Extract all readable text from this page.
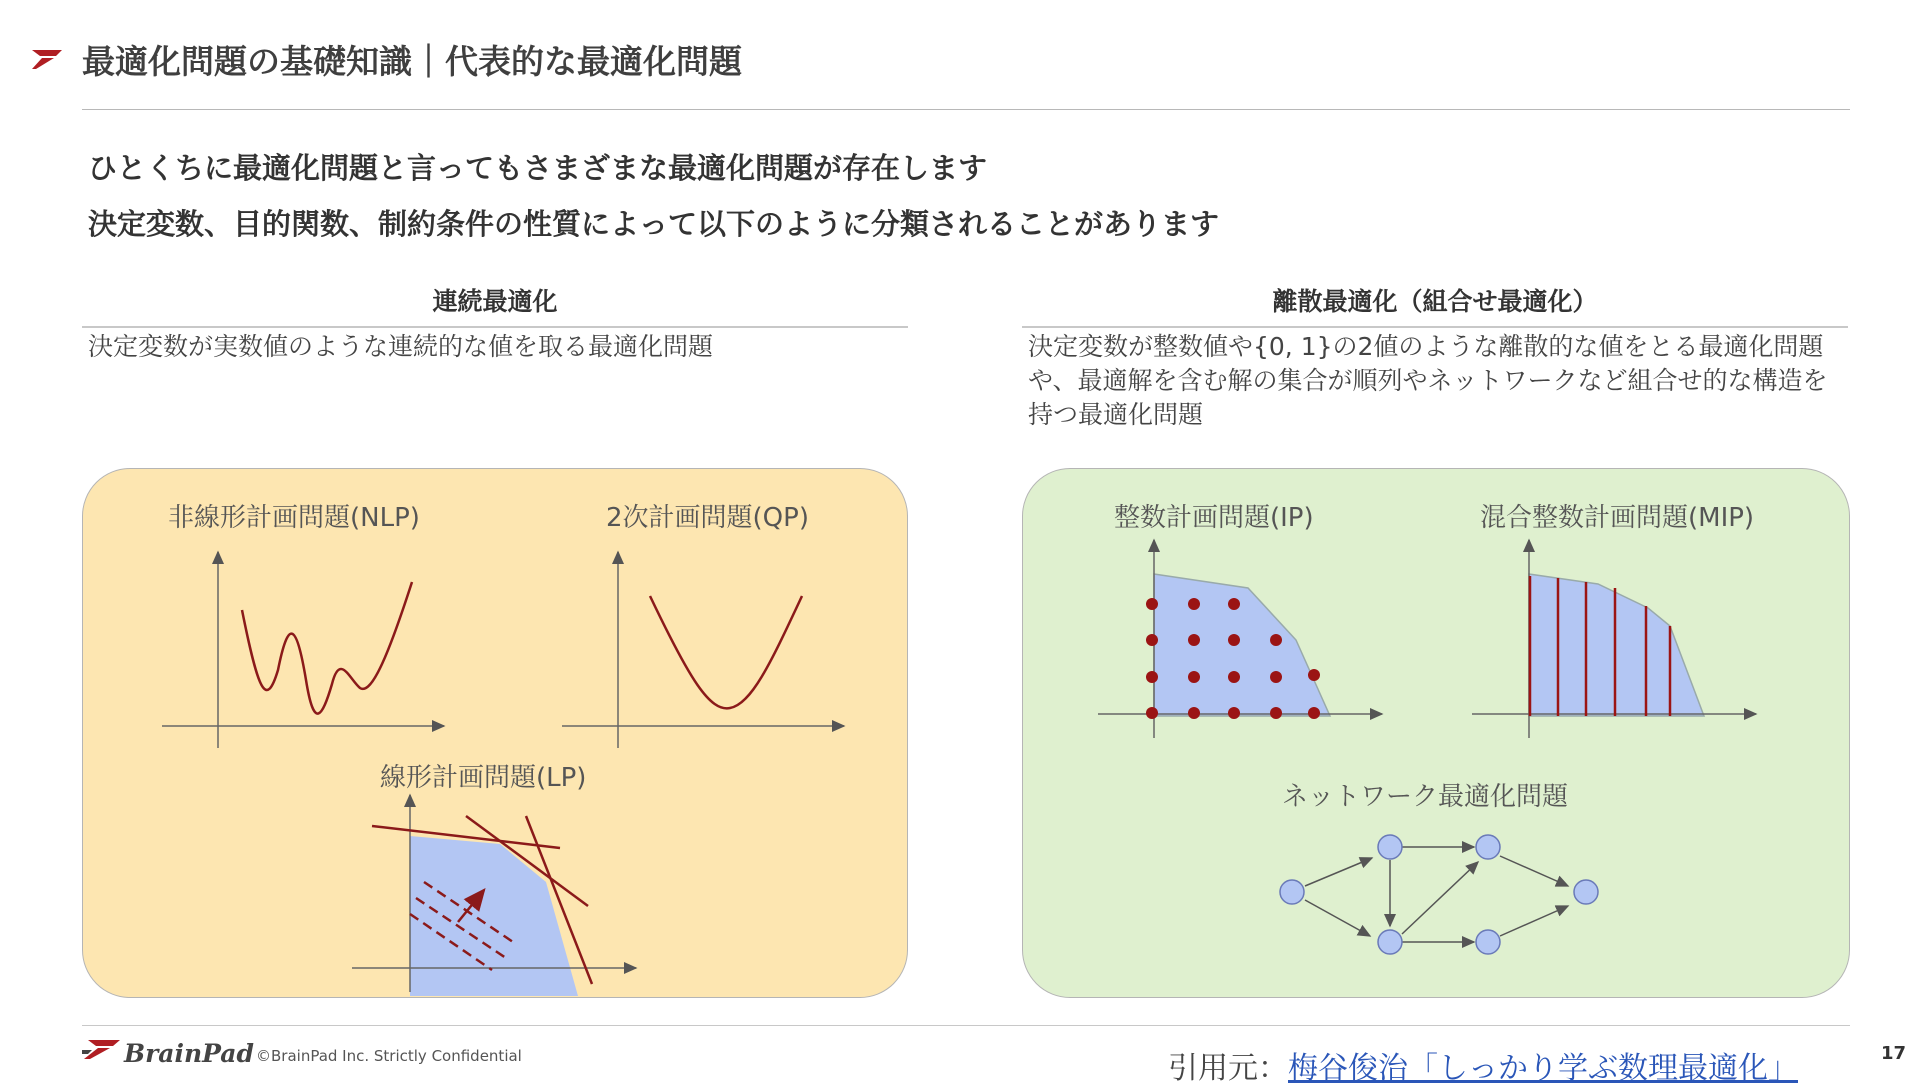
最適化問題の基礎知識｜代表的な最適化問題
ひとくちに最適化問題と言ってもさまざまな最適化問題が存在します
決定変数、目的関数、制約条件の性質によって以下のように分類されることがあります
連続最適化
決定変数が実数値のような連続的な値を取る最適化問題
離散最適化（組合せ最適化）
決定変数が整数値や{0, 1}の2値のような離散的な値をとる最適化問題や、最適解を含む解の集合が順列やネットワークなど組合せ的な構造を持つ最適化問題
非線形計画問題(NLP)	2次計画問題(QP)
線形計画問題(LP)
整数計画問題(IP)	混合整数計画問題(MIP)
ネットワーク最適化問題
BrainPad ©BrainPad Inc. Strictly Confidential	引用元：梅谷俊治「しっかり学ぶ数理最適化」	17
